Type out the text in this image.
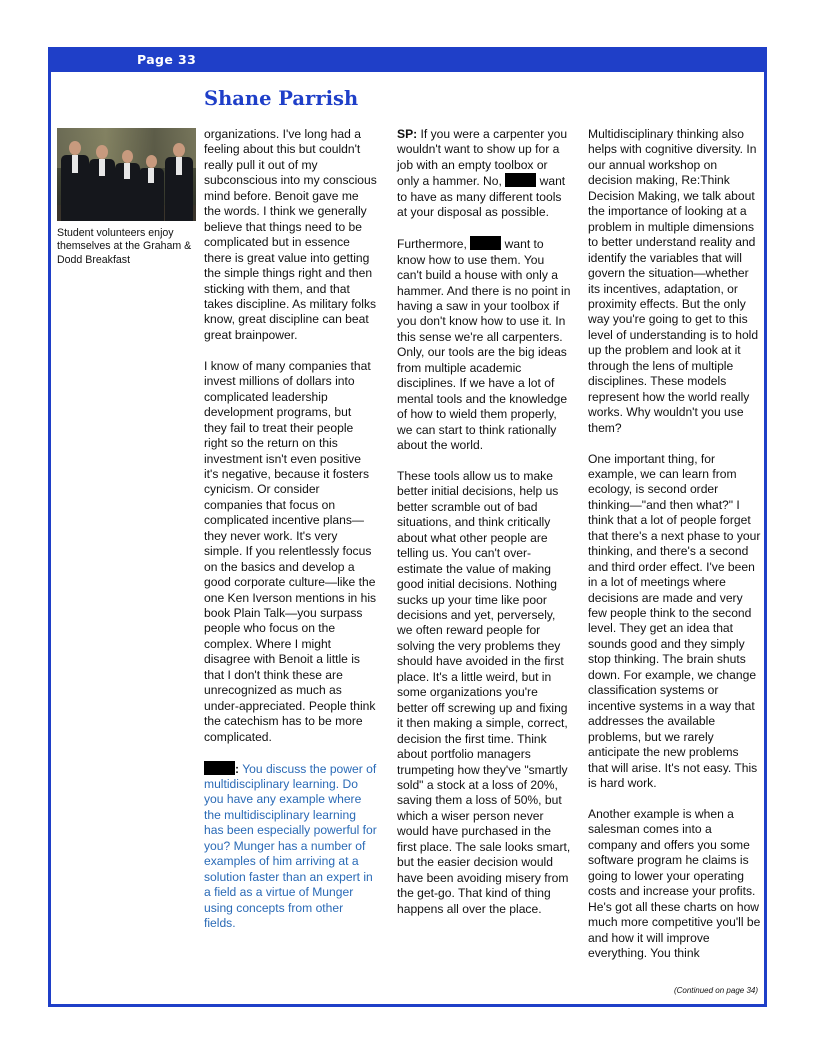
Page 33
Shane Parrish
Student volunteers enjoy themselves at the Graham & Dodd Breakfast

organizations. I've long had a feeling about this but couldn't really pull it out of my subconscious into my conscious mind before. Benoit gave me the words. I think we generally believe that things need to be complicated but in essence there is great value into getting the simple things right and then sticking with them, and that takes discipline. As military folks know, great discipline can beat great brainpower.

I know of many companies that invest millions of dollars into complicated leadership development programs, but they fail to treat their people right so the return on this investment isn't even positive it's negative, because it fosters cynicism. Or consider companies that focus on complicated incentive plans—they never work. It's very simple. If you relentlessly focus on the basics and develop a good corporate culture—like the one Ken Iverson mentions in his book Plain Talk—you surpass people who focus on the complex. Where I might disagree with Benoit a little is that I don't think these are unrecognized as much as under-appreciated. People think the catechism has to be more complicated.

: You discuss the power of multidisciplinary learning. Do you have any example where the multidisciplinary learning has been especially powerful for you? Munger has a number of examples of him arriving at a solution faster than an expert in a field as a virtue of Munger using concepts from other fields.

SP: If you were a carpenter you wouldn't want to show up for a job with an empty toolbox or only a hammer. No,	want to have as many different tools at your disposal as possible.

Furthermore,	want to know how to use them. You can't build a house with only a hammer. And there is no point in having a saw in your toolbox if you don't know how to use it. In this sense we're all carpenters. Only, our tools are the big ideas from multiple academic disciplines. If we have a lot of mental tools and the knowledge of how to wield them properly, we can start to think rationally about the world.

These tools allow us to make better initial decisions, help us better scramble out of bad situations, and think critically about what other people are telling us. You can't over-estimate the value of making good initial decisions. Nothing sucks up your time like poor decisions and yet, perversely, we often reward people for solving the very problems they should have avoided in the first place. It's a little weird, but in some organizations you're better off screwing up and fixing it then making a simple, correct, decision the first time. Think about portfolio managers trumpeting how they've "smartly sold" a stock at a loss of 20%, saving them a loss of 50%, but which a wiser person never would have purchased in the first place. The sale looks smart, but the easier decision would have been avoiding misery from the get-go. That kind of thing happens all over the place.

Multidisciplinary thinking also helps with cognitive diversity. In our annual workshop on decision making, Re:Think Decision Making, we talk about the importance of looking at a problem in multiple dimensions to better understand reality and identify the variables that will govern the situation—whether its incentives, adaptation, or proximity effects. But the only way you're going to get to this level of understanding is to hold up the problem and look at it through the lens of multiple disciplines. These models represent how the world really works. Why wouldn't you use them?

One important thing, for example, we can learn from ecology, is second order thinking—"and then what?" I think that a lot of people forget that there's a next phase to your thinking, and there's a second and third order effect. I've been in a lot of meetings where decisions are made and very few people think to the second level. They get an idea that sounds good and they simply stop thinking. The brain shuts down. For example, we change classification systems or incentive systems in a way that addresses the available problems, but we rarely anticipate the new problems that will arise. It's not easy. This is hard work.

Another example is when a salesman comes into a company and offers you some software program he claims is going to lower your operating costs and increase your profits. He's got all these charts on how much more competitive you'll be and how it will improve everything. You think

(Continued on page 34)
